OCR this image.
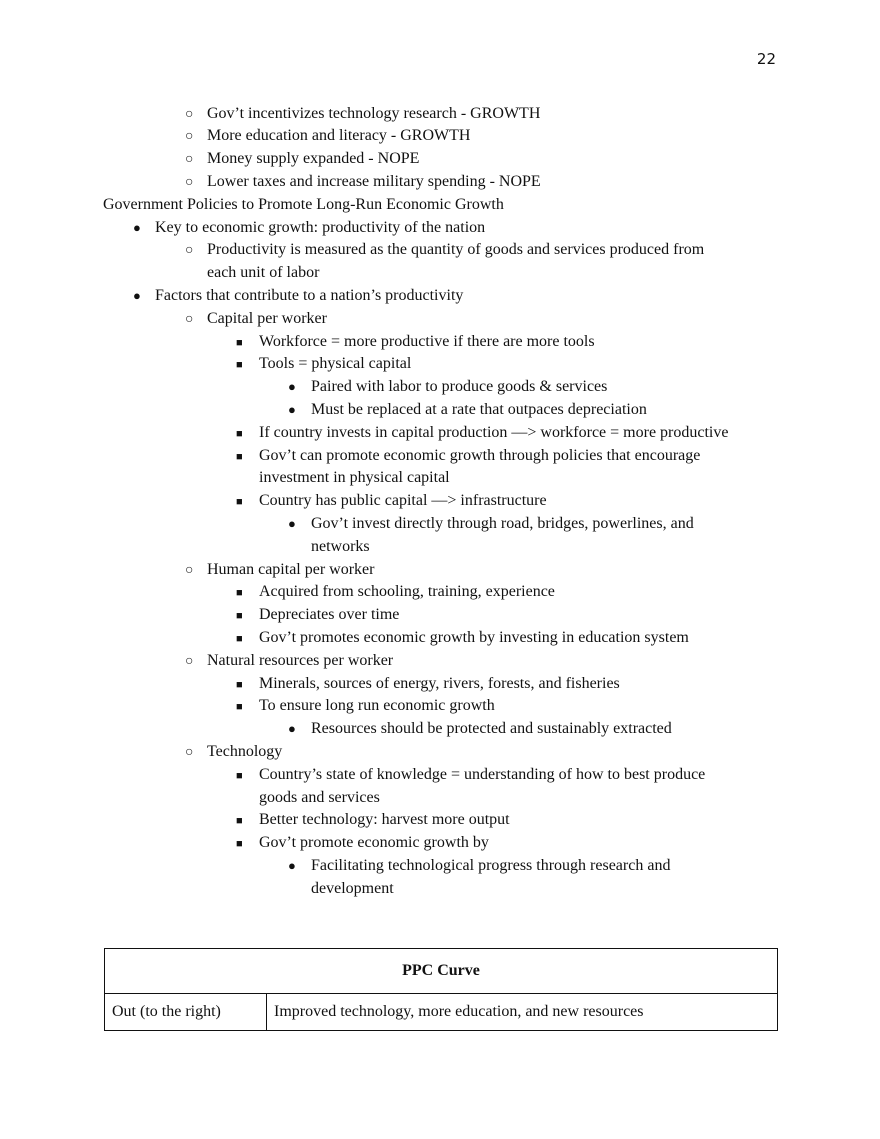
22
○ Gov’t incentivizes technology research - GROWTH
○ More education and literacy - GROWTH
○ Money supply expanded - NOPE
○ Lower taxes and increase military spending - NOPE
Government Policies to Promote Long-Run Economic Growth
● Key to economic growth: productivity of the nation
○ Productivity is measured as the quantity of goods and services produced from
each unit of labor
● Factors that contribute to a nation’s productivity
○ Capital per worker
■ Workforce = more productive if there are more tools
■ Tools = physical capital
● Paired with labor to produce goods & services
● Must be replaced at a rate that outpaces depreciation
■ If country invests in capital production —> workforce = more productive
■ Gov’t can promote economic growth through policies that encourage
investment in physical capital
■ Country has public capital —> infrastructure
● Gov’t invest directly through road, bridges, powerlines, and
networks
○ Human capital per worker
■ Acquired from schooling, training, experience
■ Depreciates over time
■ Gov’t promotes economic growth by investing in education system
○ Natural resources per worker
■ Minerals, sources of energy, rivers, forests, and fisheries
■ To ensure long run economic growth
● Resources should be protected and sustainably extracted
○ Technology
■ Country’s state of knowledge = understanding of how to best produce
goods and services
■ Better technology: harvest more output
■ Gov’t promote economic growth by
● Facilitating technological progress through research and
development
PPC Curve
Out (to the right)	Improved technology, more education, and new resources
